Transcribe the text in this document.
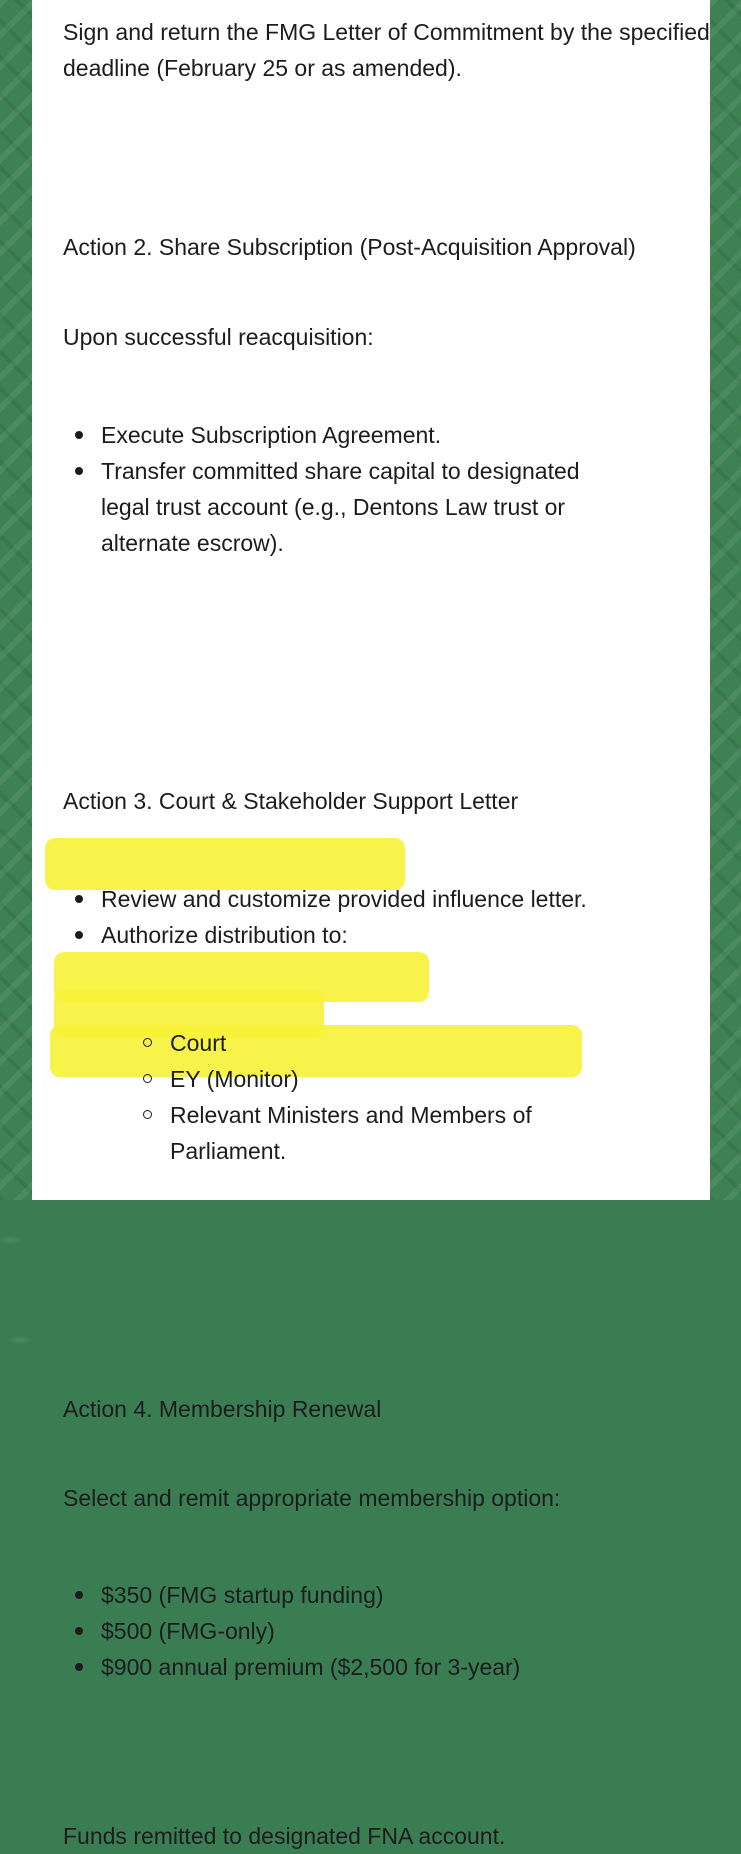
Sign and return the FMG Letter of Commitment by the specified deadline (February 25 or as amended).

Action 2. Share Subscription (Post-Acquisition Approval)

Upon successful reacquisition:

Execute Subscription Agreement.
Transfer committed share capital to designated legal trust account (e.g., Dentons Law trust or alternate escrow).

Action 3. Court & Stakeholder Support Letter

Review and customize provided influence letter.
Authorize distribution to:
Court
EY (Monitor)
Relevant Ministers and Members of Parliament.

Action 4. Membership Renewal

Select and remit appropriate membership option:

$350 (FMG startup funding)
$500 (FMG-only)
$900 annual premium ($2,500 for 3-year)

Funds remitted to designated FNA account.
